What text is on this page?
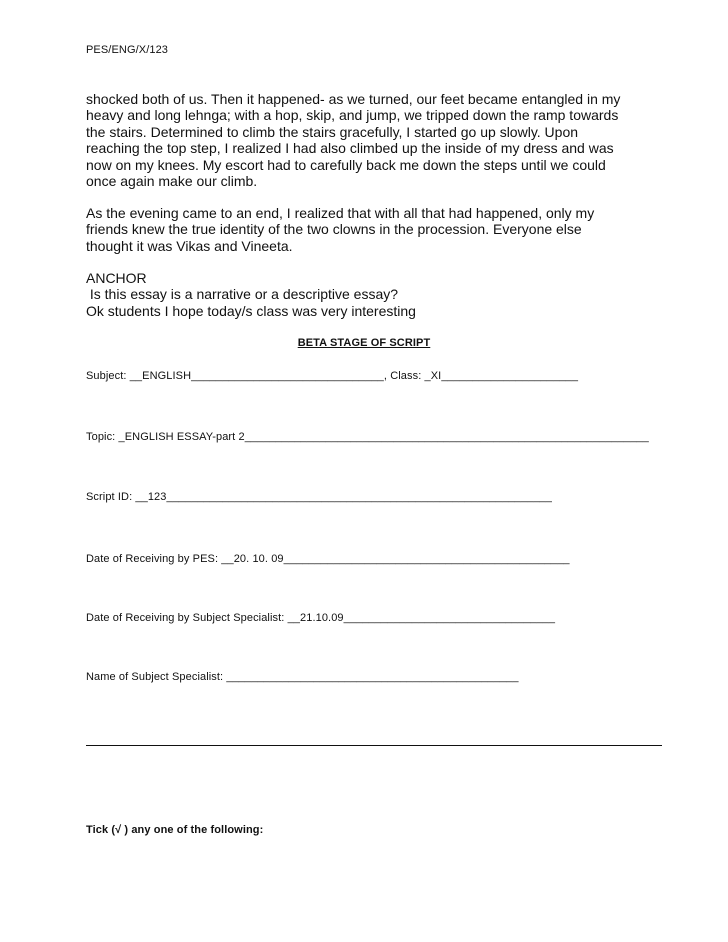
PES/ENG/X/123

shocked both of us. Then it happened- as we turned, our feet became entangled in my

heavy and long lehnga; with a hop, skip, and jump, we tripped down the ramp towards

the stairs. Determined to climb the stairs gracefully, I started go up slowly. Upon

reaching the top step, I realized I had also climbed up the inside of my dress and was

now on my knees. My escort had to carefully back me down the steps until we could

once again make our climb.

As the evening came to an end, I realized that with all that had happened, only my

friends knew the true identity of the two clowns in the procession. Everyone else

thought it was Vikas and Vineeta.

ANCHOR

Is this essay is a narrative or a descriptive essay?

Ok students I hope today/s class was very interesting

BETA STAGE OF SCRIPT
Subject: __ENGLISH_______________________________, Class: _XI______________________
Topic: _ENGLISH ESSAY-part 2_________________________________________________________________
Script ID: __123______________________________________________________________
Date of Receiving by PES: __20. 10. 09______________________________________________
Date of Receiving by Subject Specialist: __21.10.09__________________________________
Name of Subject Specialist: _______________________________________________
Tick (√ ) any one of the following:
